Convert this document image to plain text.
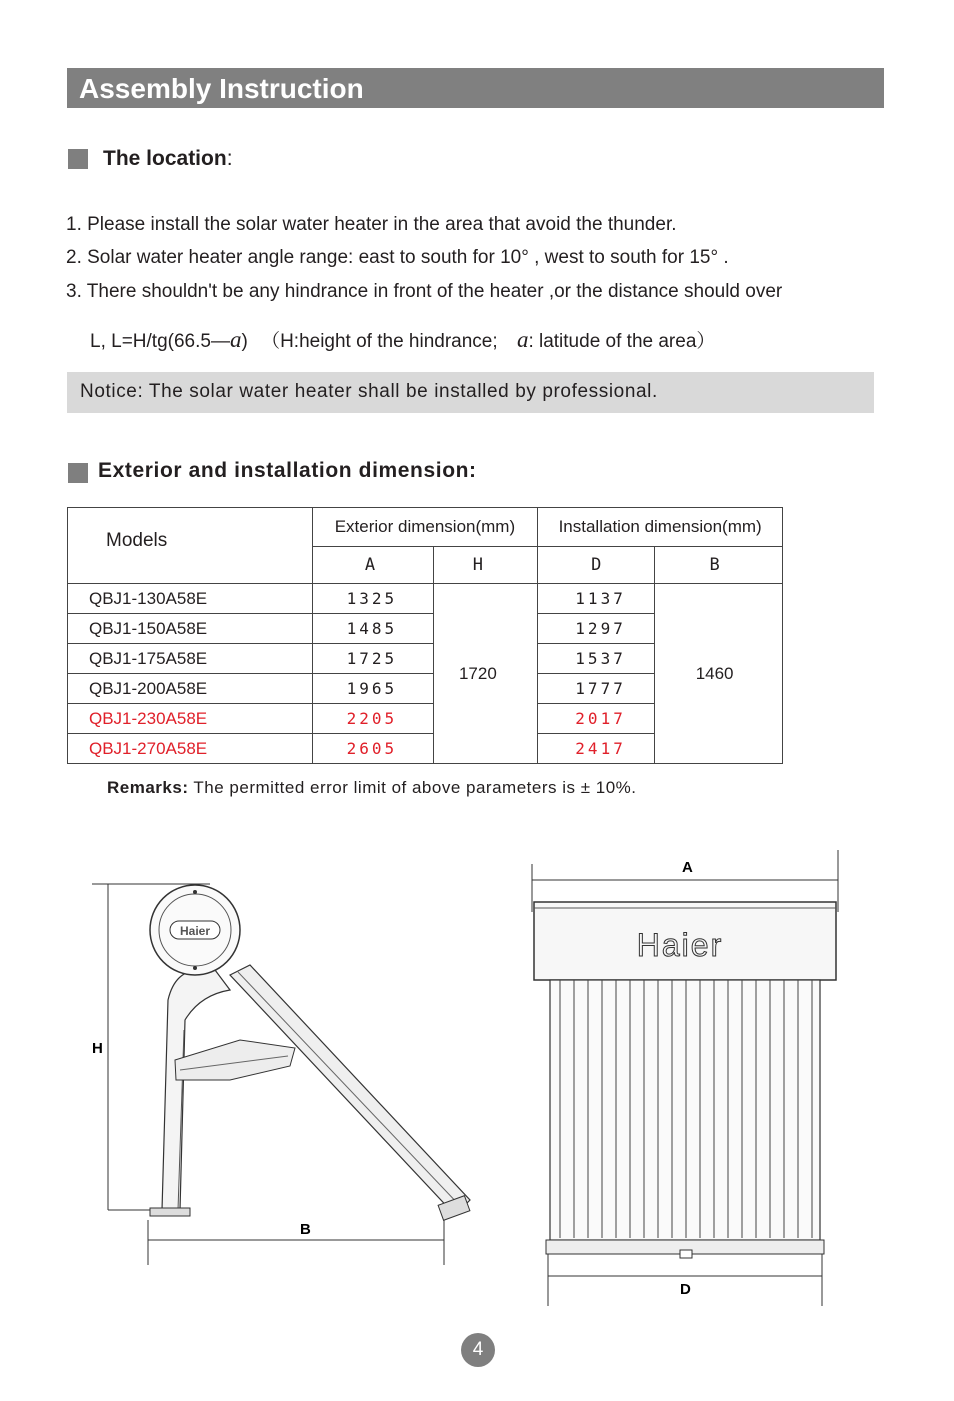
Assembly Instruction
The location:
1. Please install the solar water heater in the area that avoid the thunder.
2. Solar water heater angle range: east to south for 10° , west to south for 15° .
3. There shouldn't be any hindrance in front of the heater ,or the distance should over
L, L=H/tg(66.5—a) （H:height of the hindrance; a: latitude of the area）
Notice: The solar water heater shall be installed by professional.
Exterior and installation dimension:
Models	Exterior dimension(mm)		Installation dimension(mm)	
	A	H	D	B
QBJ1-130A58E	1325	1720	1137	1460
QBJ1-150A58E	1485		1297	
QBJ1-175A58E	1725		1537	
QBJ1-200A58E	1965		1777	
QBJ1-230A58E	2205		2017	
QBJ1-270A58E	2605		2417	
Remarks: The permitted error limit of above parameters is ± 10%.
H
B
Haier
A
Haier
D
4
